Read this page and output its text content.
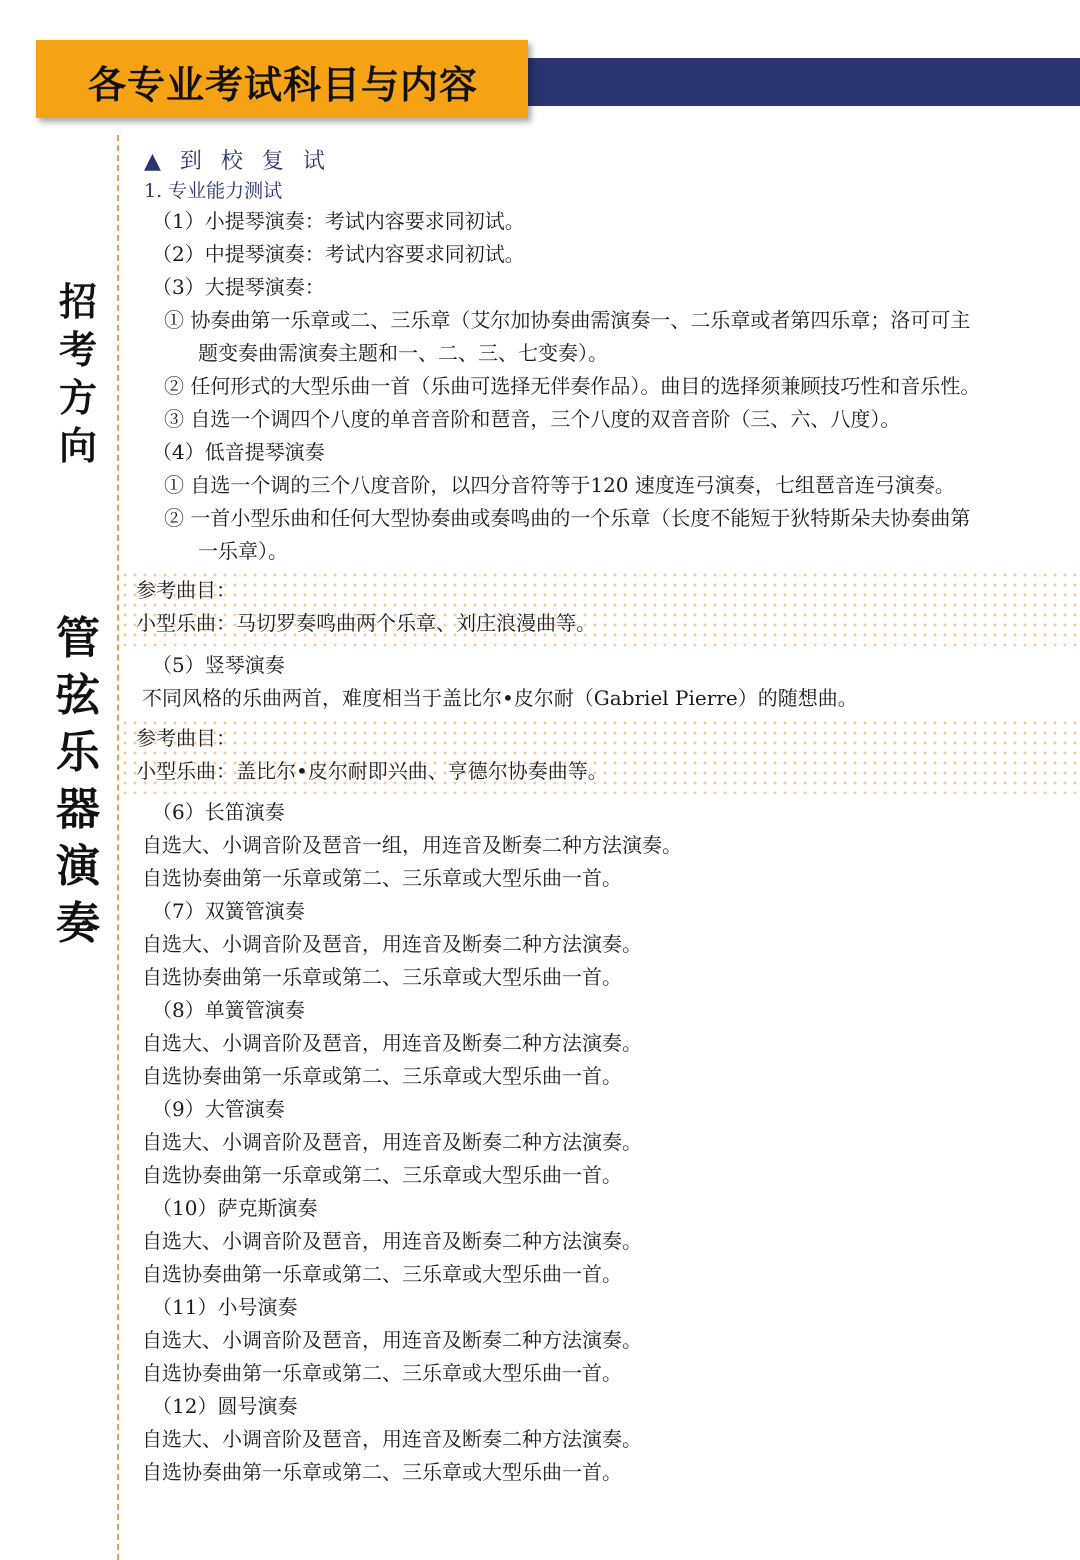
21
各专业考试科目与内容
招
考
方
向
管
弦
乐
器
演
奏
▲ 到 校 复 试
1. 专业能力测试
（1）小提琴演奏：考试内容要求同初试。
（2）中提琴演奏：考试内容要求同初试。
（3）大提琴演奏：
① 协奏曲第一乐章或二、三乐章（艾尔加协奏曲需演奏一、二乐章或者第四乐章；洛可可主
题变奏曲需演奏主题和一、二、三、七变奏）。
② 任何形式的大型乐曲一首（乐曲可选择无伴奏作品）。曲目的选择须兼顾技巧性和音乐性。
③ 自选一个调四个八度的单音音阶和琶音，三个八度的双音音阶（三、六、八度）。
（4）低音提琴演奏
① 自选一个调的三个八度音阶，以四分音符等于120 速度连弓演奏，七组琶音连弓演奏。
② 一首小型乐曲和任何大型协奏曲或奏鸣曲的一个乐章（长度不能短于狄特斯朵夫协奏曲第
一乐章）。
参考曲目：
小型乐曲：马切罗奏鸣曲两个乐章、刘庄浪漫曲等。
（5）竖琴演奏
不同风格的乐曲两首，难度相当于盖比尔•皮尔耐（Gabriel Pierre）的随想曲。
参考曲目：
小型乐曲：盖比尔•皮尔耐即兴曲、亨德尔协奏曲等。
（6）长笛演奏
自选大、小调音阶及琶音一组，用连音及断奏二种方法演奏。
自选协奏曲第一乐章或第二、三乐章或大型乐曲一首。
（7）双簧管演奏
自选大、小调音阶及琶音，用连音及断奏二种方法演奏。
自选协奏曲第一乐章或第二、三乐章或大型乐曲一首。
（8）单簧管演奏
自选大、小调音阶及琶音，用连音及断奏二种方法演奏。
自选协奏曲第一乐章或第二、三乐章或大型乐曲一首。
（9）大管演奏
自选大、小调音阶及琶音，用连音及断奏二种方法演奏。
自选协奏曲第一乐章或第二、三乐章或大型乐曲一首。
（10）萨克斯演奏
自选大、小调音阶及琶音，用连音及断奏二种方法演奏。
自选协奏曲第一乐章或第二、三乐章或大型乐曲一首。
（11）小号演奏
自选大、小调音阶及琶音，用连音及断奏二种方法演奏。
自选协奏曲第一乐章或第二、三乐章或大型乐曲一首。
（12）圆号演奏
自选大、小调音阶及琶音，用连音及断奏二种方法演奏。
自选协奏曲第一乐章或第二、三乐章或大型乐曲一首。
